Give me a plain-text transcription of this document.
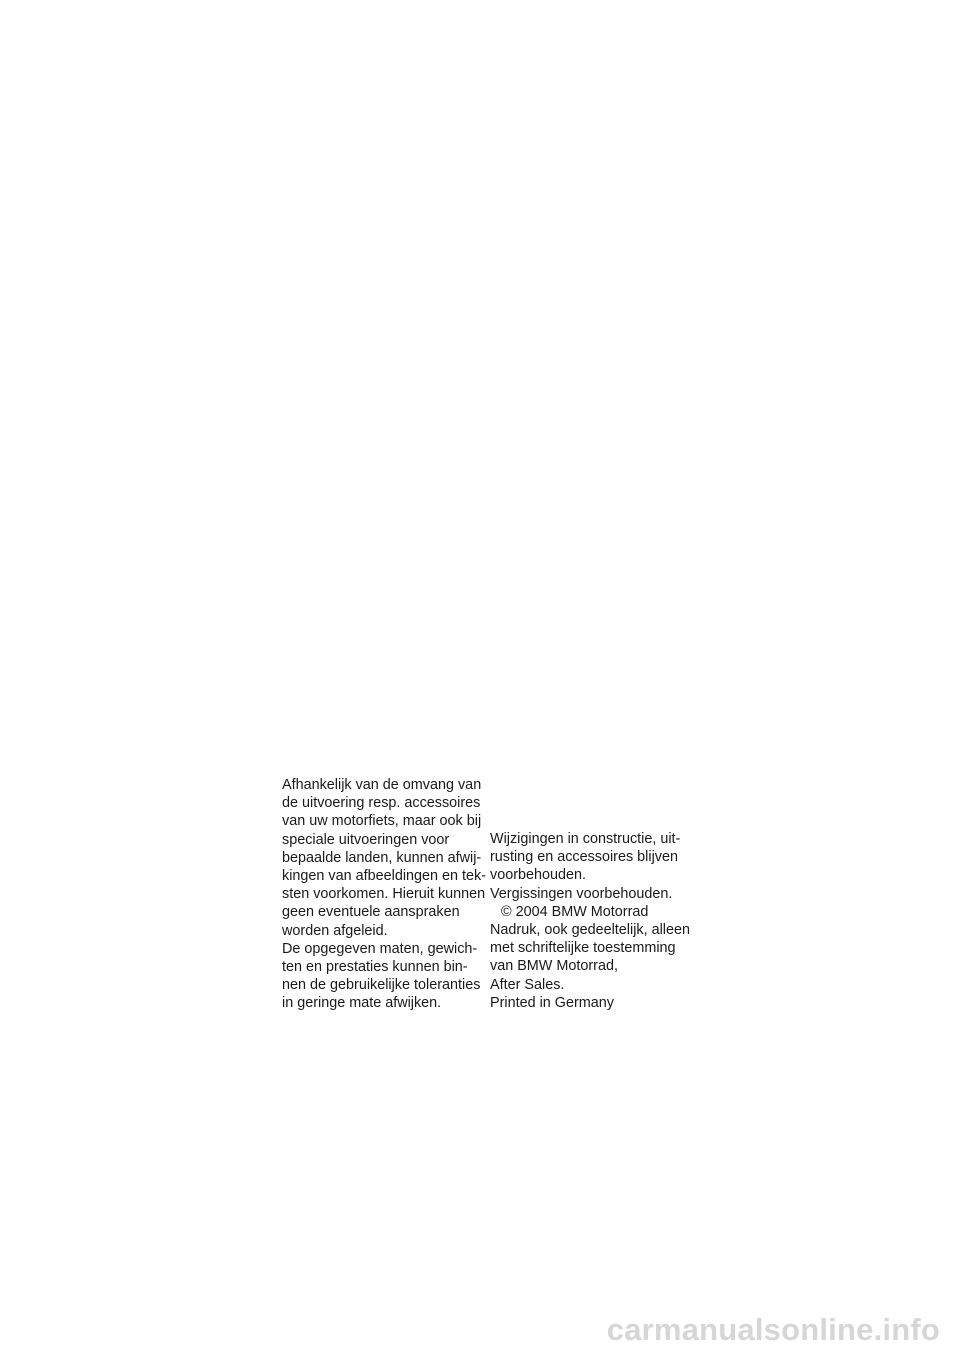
Afhankelijk van de omvang van
de uitvoering resp. accessoires
van uw motorfiets, maar ook bij
speciale uitvoeringen voor
bepaalde landen, kunnen afwij-
kingen van afbeeldingen en tek-
sten voorkomen. Hieruit kunnen
geen eventuele aanspraken
worden afgeleid.
De opgegeven maten, gewich-
ten en prestaties kunnen bin-
nen de gebruikelijke toleranties
in geringe mate afwijken.
Wijzigingen in constructie, uit-
rusting en accessoires blijven
voorbehouden.
Vergissingen voorbehouden.
© 2004 BMW Motorrad
Nadruk, ook gedeeltelijk, alleen
met schriftelijke toestemming
van BMW Motorrad,
After Sales.
Printed in Germany
carmanualsonline.info
